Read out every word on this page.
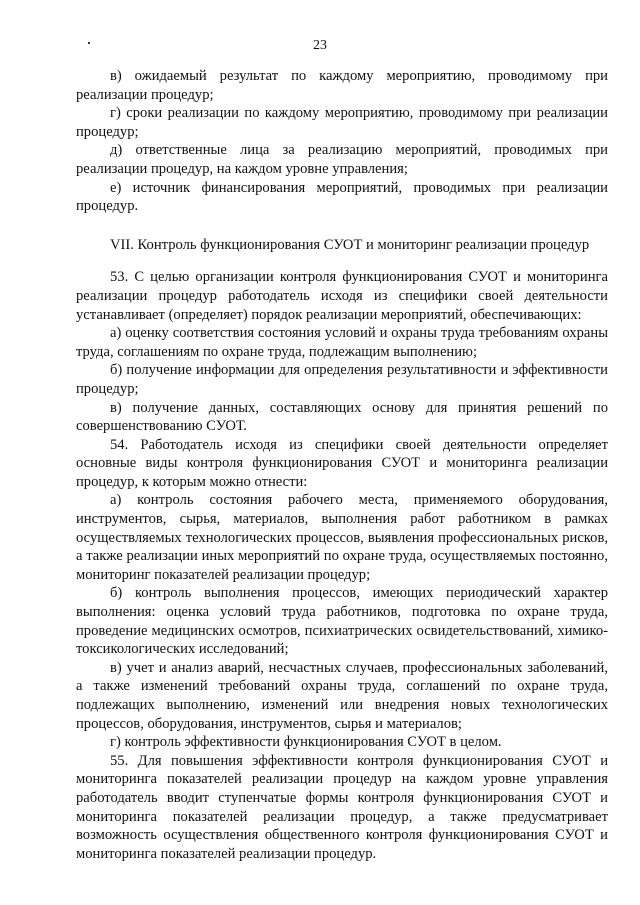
23

в) ожидаемый результат по каждому мероприятию, проводимому при реализации процедур;

г) сроки реализации по каждому мероприятию, проводимому при реализации процедур;

д) ответственные лица за реализацию мероприятий, проводимых при реализации процедур, на каждом уровне управления;

е) источник финансирования мероприятий, проводимых при реализации процедур.

VII. Контроль функционирования СУОТ и мониторинг реализации процедур

53. С целью организации контроля функционирования СУОТ и мониторинга реализации процедур работодатель исходя из специфики своей деятельности устанавливает (определяет) порядок реализации мероприятий, обеспечивающих:

а) оценку соответствия состояния условий и охраны труда требованиям охраны труда, соглашениям по охране труда, подлежащим выполнению;

б) получение информации для определения результативности и эффективности процедур;

в) получение данных, составляющих основу для принятия решений по совершенствованию СУОТ.

54. Работодатель исходя из специфики своей деятельности определяет основные виды контроля функционирования СУОТ и мониторинга реализации процедур, к которым можно отнести:

а) контроль состояния рабочего места, применяемого оборудования, инструментов, сырья, материалов, выполнения работ работником в рамках осуществляемых технологических процессов, выявления профессиональных рисков, а также реализации иных мероприятий по охране труда, осуществляемых постоянно, мониторинг показателей реализации процедур;

б) контроль выполнения процессов, имеющих периодический характер выполнения: оценка условий труда работников, подготовка по охране труда, проведение медицинских осмотров, психиатрических освидетельствований, химико-токсикологических исследований;

в) учет и анализ аварий, несчастных случаев, профессиональных заболеваний, а также изменений требований охраны труда, соглашений по охране труда, подлежащих выполнению, изменений или внедрения новых технологических процессов, оборудования, инструментов, сырья и материалов;

г) контроль эффективности функционирования СУОТ в целом.

55. Для повышения эффективности контроля функционирования СУОТ и мониторинга показателей реализации процедур на каждом уровне управления работодатель вводит ступенчатые формы контроля функционирования СУОТ и мониторинга показателей реализации процедур, а также предусматривает возможность осуществления общественного контроля функционирования СУОТ и мониторинга показателей реализации процедур.
